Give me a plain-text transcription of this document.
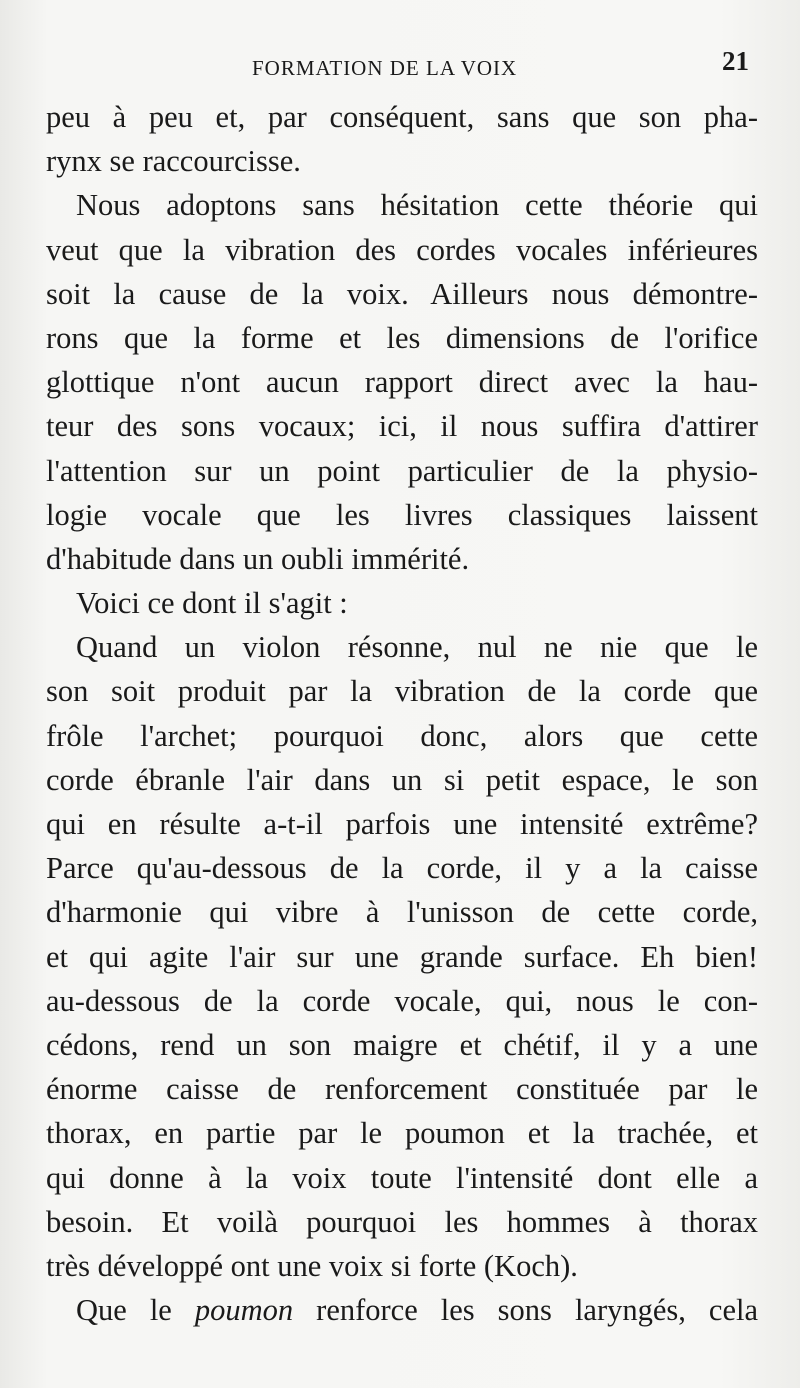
FORMATION DE LA VOIX	21
peu à peu et, par conséquent, sans que son pha-
rynx se raccourcisse.
Nous adoptons sans hésitation cette théorie qui
veut que la vibration des cordes vocales inférieures
soit la cause de la voix. Ailleurs nous démontre-
rons que la forme et les dimensions de l'orifice
glottique n'ont aucun rapport direct avec la hau-
teur des sons vocaux; ici, il nous suffira d'attirer
l'attention sur un point particulier de la physio-
logie vocale que les livres classiques laissent
d'habitude dans un oubli immérité.
Voici ce dont il s'agit :
Quand un violon résonne, nul ne nie que le
son soit produit par la vibration de la corde que
frôle l'archet; pourquoi donc, alors que cette
corde ébranle l'air dans un si petit espace, le son
qui en résulte a-t-il parfois une intensité extrême?
Parce qu'au-dessous de la corde, il y a la caisse
d'harmonie qui vibre à l'unisson de cette corde,
et qui agite l'air sur une grande surface. Eh bien!
au-dessous de la corde vocale, qui, nous le con-
cédons, rend un son maigre et chétif, il y a une
énorme caisse de renforcement constituée par le
thorax, en partie par le poumon et la trachée, et
qui donne à la voix toute l'intensité dont elle a
besoin. Et voilà pourquoi les hommes à thorax
très développé ont une voix si forte (Koch).
Que le poumon renforce les sons laryngés, cela
